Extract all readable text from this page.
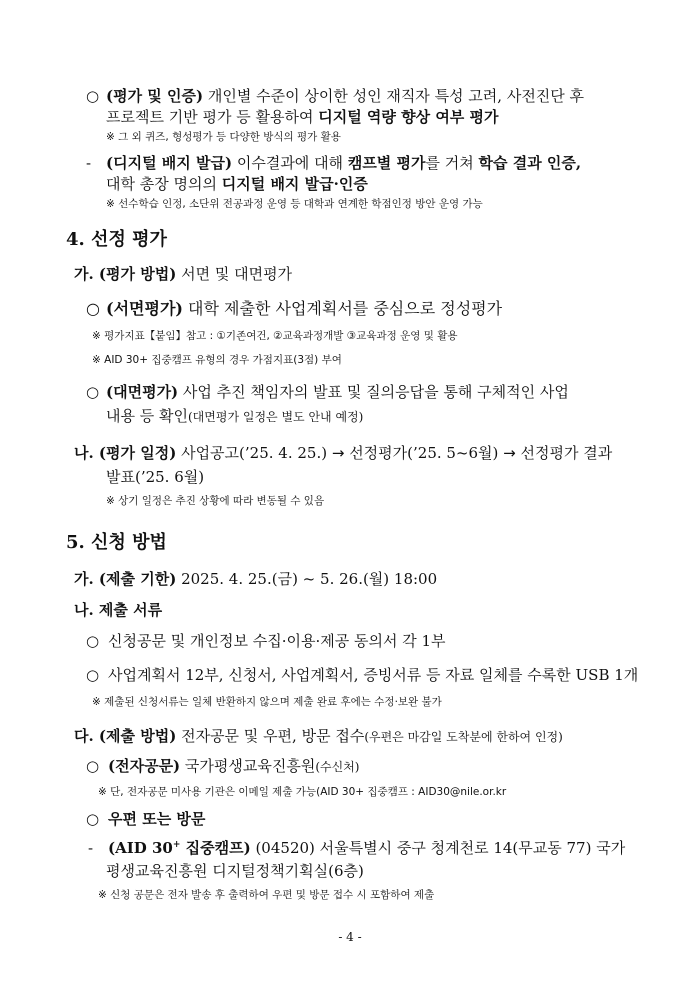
○ (평가 및 인증) 개인별 수준이 상이한 성인 재직자 특성 고려, 사전진단 후
프로젝트 기반 평가 등 활용하여 디지털 역량 향상 여부 평가
※ 그 외 퀴즈, 형성평가 등 다양한 방식의 평가 활용
- (디지털 배지 발급) 이수결과에 대해 캠프별 평가를 거쳐 학습 결과 인증,
대학 총장 명의의 디지털 배지 발급·인증
※ 선수학습 인정, 소단위 전공과정 운영 등 대학과 연계한 학점인정 방안 운영 가능
4. 선정 평가
가. (평가 방법) 서면 및 대면평가
○ (서면평가) 대학 제출한 사업계획서를 중심으로 정성평가
※ 평가지표【붙임】참고 : ①기존여건, ②교육과정개발 ③교육과정 운영 및 활용
※ AID 30+ 집중캠프 유형의 경우 가점지표(3점) 부여
○ (대면평가) 사업 추진 책임자의 발표 및 질의응답을 통해 구체적인 사업
내용 등 확인(대면평가 일정은 별도 안내 예정)
나. (평가 일정) 사업공고(’25. 4. 25.) → 선정평가(’25. 5~6월) → 선정평가 결과
발표(’25. 6월)
※ 상기 일정은 추진 상황에 따라 변동될 수 있음
5. 신청 방법
가. (제출 기한) 2025. 4. 25.(금) ~ 5. 26.(월) 18:00
나. 제출 서류
○ 신청공문 및 개인정보 수집·이용·제공 동의서 각 1부
○ 사업계획서 12부, 신청서, 사업계획서, 증빙서류 등 자료 일체를 수록한 USB 1개
※ 제출된 신청서류는 일체 반환하지 않으며 제출 완료 후에는 수정·보완 불가
다. (제출 방법) 전자공문 및 우편, 방문 접수(우편은 마감일 도착분에 한하여 인정)
○ (전자공문) 국가평생교육진흥원(수신처)
※ 단, 전자공문 미사용 기관은 이메일 제출 가능(AID 30+ 집중캠프 : AID30@nile.or.kr
○ 우편 또는 방문
- (AID 30+ 집중캠프) (04520) 서울특별시 중구 청계천로 14(무교동 77) 국가
평생교육진흥원 디지털정책기획실(6층)
※ 신청 공문은 전자 발송 후 출력하여 우편 및 방문 접수 시 포함하여 제출
- 4 -
